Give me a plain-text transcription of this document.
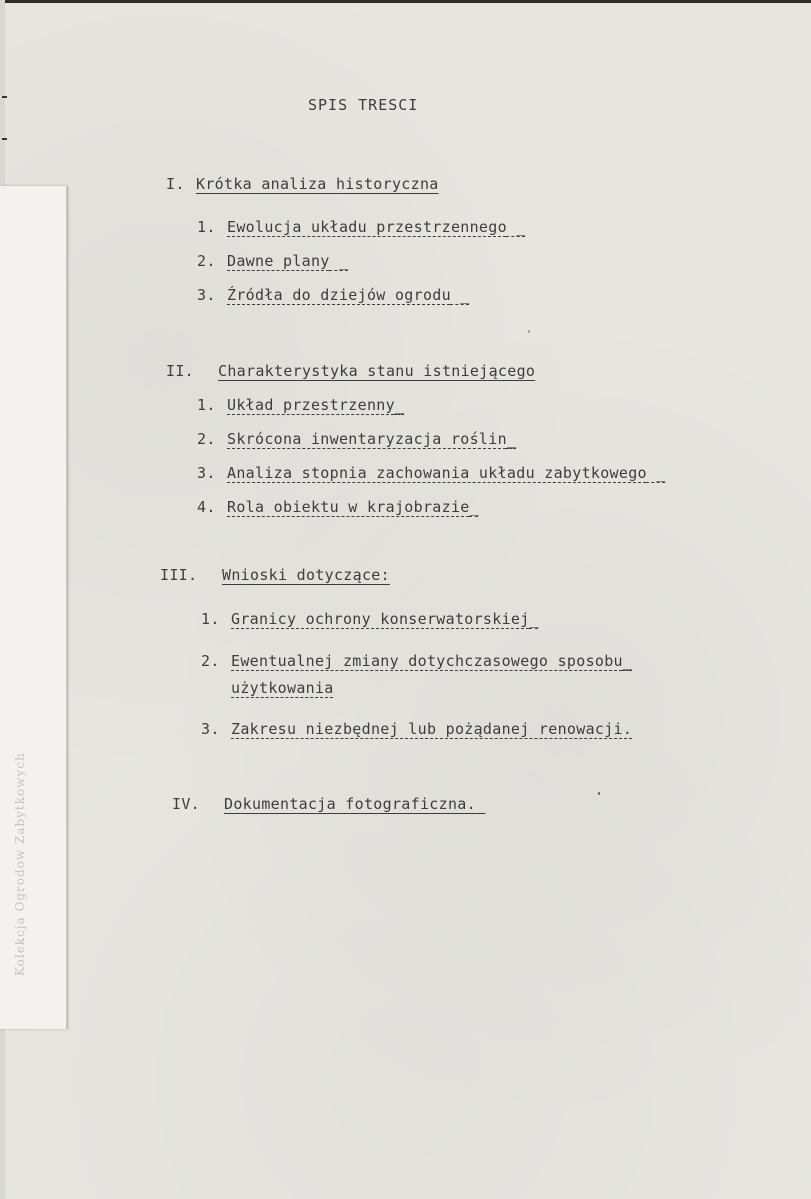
Kolekcja Ogrodow Zabytkowych
SPIS TRESCI
I. Krótka analiza historyczna
1. Ewolucja układu przestrzennego _
2. Dawne plany _
3. Źródła do dziejów ogrodu _
II. Charakterystyka stanu istniejącego
1. Układ przestrzenny_
2. Skrócona inwentaryzacja roślin_
3. Analiza stopnia zachowania układu zabytkowego _
4. Rola obiektu w krajobrazie_
III. Wnioski dotyczące:
1. Granicy ochrony konserwatorskiej_
2. Ewentualnej zmiany dotychczasowego sposobu_
użytkowania
3. Zakresu niezbędnej lub pożądanej renowacji.
IV. Dokumentacja fotograficzna.
